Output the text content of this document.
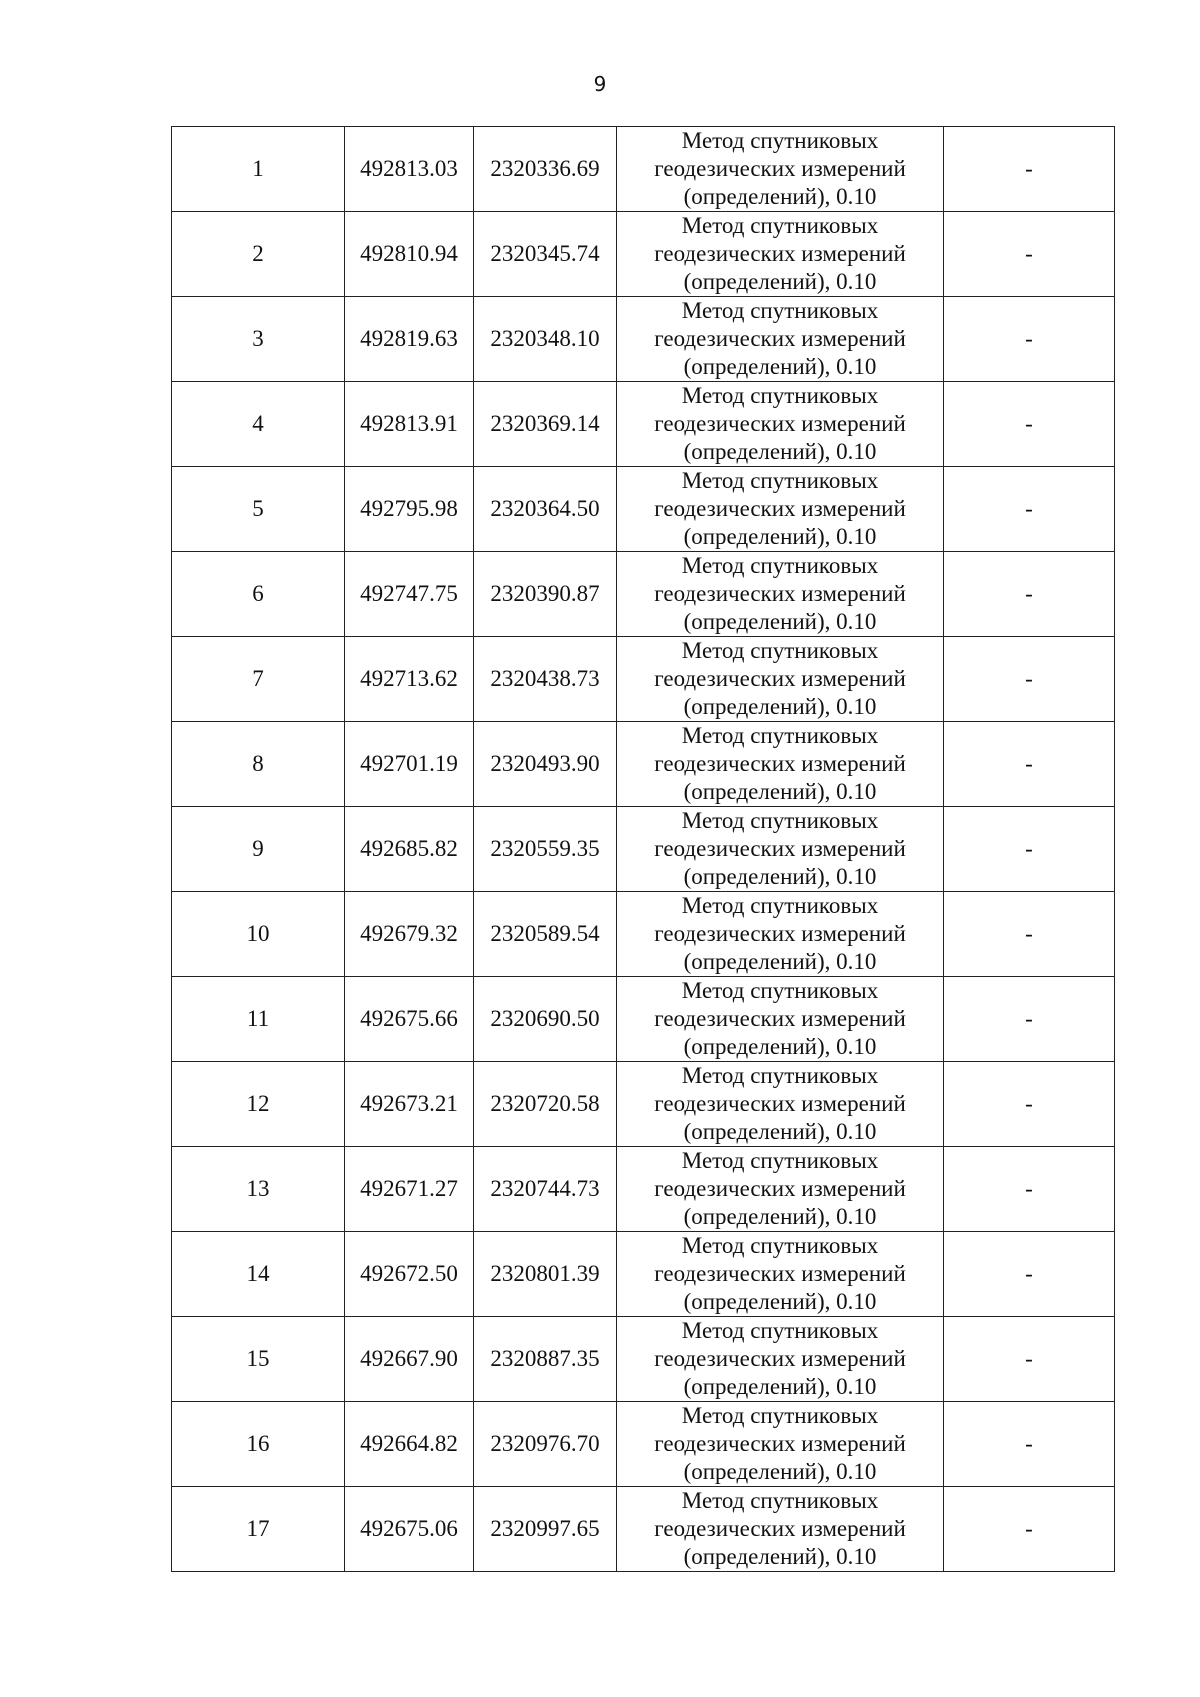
9
1	492813.03	2320336.69	Метод спутниковых
геодезических измерений
(определений), 0.10	-
2	492810.94	2320345.74	Метод спутниковых
геодезических измерений
(определений), 0.10	-
3	492819.63	2320348.10	Метод спутниковых
геодезических измерений
(определений), 0.10	-
4	492813.91	2320369.14	Метод спутниковых
геодезических измерений
(определений), 0.10	-
5	492795.98	2320364.50	Метод спутниковых
геодезических измерений
(определений), 0.10	-
6	492747.75	2320390.87	Метод спутниковых
геодезических измерений
(определений), 0.10	-
7	492713.62	2320438.73	Метод спутниковых
геодезических измерений
(определений), 0.10	-
8	492701.19	2320493.90	Метод спутниковых
геодезических измерений
(определений), 0.10	-
9	492685.82	2320559.35	Метод спутниковых
геодезических измерений
(определений), 0.10	-
10	492679.32	2320589.54	Метод спутниковых
геодезических измерений
(определений), 0.10	-
11	492675.66	2320690.50	Метод спутниковых
геодезических измерений
(определений), 0.10	-
12	492673.21	2320720.58	Метод спутниковых
геодезических измерений
(определений), 0.10	-
13	492671.27	2320744.73	Метод спутниковых
геодезических измерений
(определений), 0.10	-
14	492672.50	2320801.39	Метод спутниковых
геодезических измерений
(определений), 0.10	-
15	492667.90	2320887.35	Метод спутниковых
геодезических измерений
(определений), 0.10	-
16	492664.82	2320976.70	Метод спутниковых
геодезических измерений
(определений), 0.10	-
17	492675.06	2320997.65	Метод спутниковых
геодезических измерений
(определений), 0.10	-
